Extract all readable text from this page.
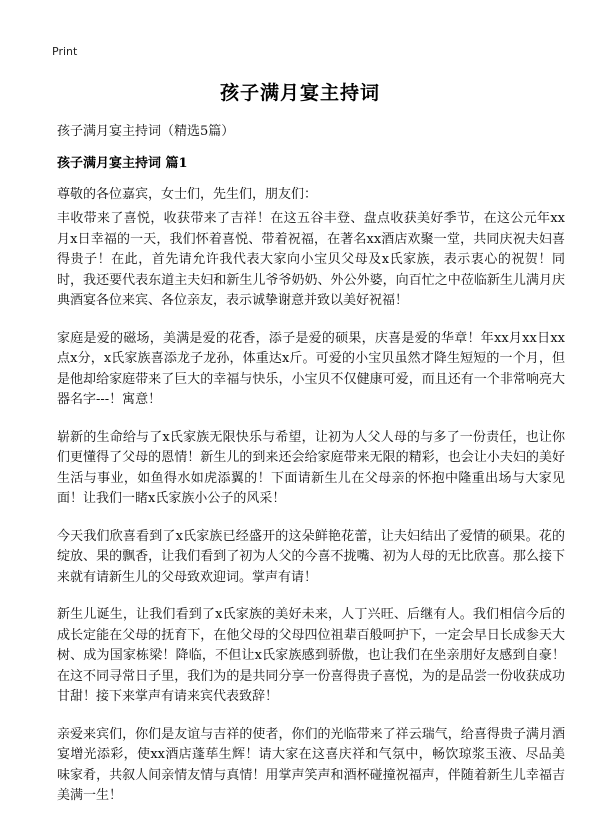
Print
孩子满月宴主持词
孩子满月宴主持词（精选5篇）
孩子满月宴主持词 篇1
尊敬的各位嘉宾，女士们，先生们，朋友们：

丰收带来了喜悦，收获带来了吉祥！在这五谷丰登、盘点收获美好季节，在这公元年xx月x日幸福的一天，我们怀着喜悦、带着祝福，在著名xx酒店欢聚一堂，共同庆祝夫妇喜得贵子！在此，首先请允许我代表大家向小宝贝父母及x氏家族，表示衷心的祝贺！同时，我还要代表东道主夫妇和新生儿爷爷奶奶、外公外婆，向百忙之中莅临新生儿满月庆典酒宴各位来宾、各位亲友，表示诚挚谢意并致以美好祝福！

家庭是爱的磁场，美满是爱的花香，添子是爱的硕果，庆喜是爱的华章！年xx月xx日xx点x分，x氏家族喜添龙子龙孙，体重达x斤。可爱的小宝贝虽然才降生短短的一个月，但是他却给家庭带来了巨大的幸福与快乐，小宝贝不仅健康可爱，而且还有一个非常响亮大器名字---！寓意！

崭新的生命给与了x氏家族无限快乐与希望，让初为人父人母的与多了一份责任，也让你们更懂得了父母的恩情！新生儿的到来还会给家庭带来无限的精彩，也会让小夫妇的美好生活与事业，如鱼得水如虎添翼的！下面请新生儿在父母亲的怀抱中隆重出场与大家见面！让我们一睹x氏家族小公子的风采！

今天我们欣喜看到了x氏家族已经盛开的这朵鲜艳花蕾，让夫妇结出了爱情的硕果。花的绽放、果的飘香，让我们看到了初为人父的今喜不拢嘴、初为人母的无比欣喜。那么接下来就有请新生儿的父母致欢迎词。掌声有请！

新生儿诞生，让我们看到了x氏家族的美好未来，人丁兴旺、后继有人。我们相信今后的成长定能在父母的抚育下，在他父母的父母四位祖辈百般呵护下，一定会早日长成参天大树、成为国家栋梁！降临，不但让x氏家族感到骄傲，也让我们在坐亲朋好友感到自豪！在这不同寻常日子里，我们为的是共同分享一份喜得贵子喜悦，为的是品尝一份收获成功甘甜！接下来掌声有请来宾代表致辞！

亲爱来宾们，你们是友谊与吉祥的使者，你们的光临带来了祥云瑞气，给喜得贵子满月酒宴增光添彩，使xx酒店蓬荜生辉！请大家在这喜庆祥和气氛中，畅饮琼浆玉液、尽品美味家肴，共叙人间亲情友情与真情！用掌声笑声和酒杯碰撞祝福声，伴随着新生儿幸福吉美满一生！
